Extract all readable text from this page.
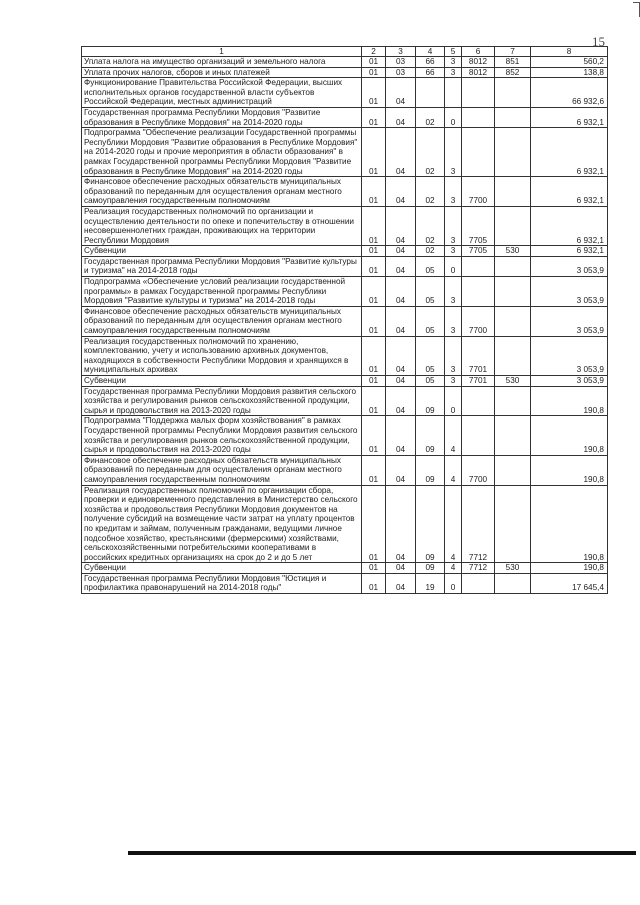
15
1	2	3	4	5	6	7	8
Уплата налога на имущество организаций и земельного налога	01	03	66	3	8012	851	560,2
Уплата прочих налогов, сборов и иных платежей	01	03	66	3	8012	852	138,8
Функционирование Правительства Российской Федерации, высших исполнительных органов государственной власти субъектов Российской Федерации, местных администраций	01	04					66 932,6
Государственная программа Республики Мордовия "Развитие образования в Республике Мордовия" на 2014-2020 годы	01	04	02	0			6 932,1
Подпрограмма "Обеспечение реализации Государственной программы Республики Мордовия "Развитие образования в Республике Мордовия" на 2014-2020 годы и прочие мероприятия в области образования" в рамках Государственной программы Республики Мордовия "Развитие образования в Республике Мордовия" на 2014-2020 годы	01	04	02	3			6 932,1
Финансовое обеспечение расходных обязательств муниципальных образований по переданным для осуществления органам местного самоуправления государственным полномочиям	01	04	02	3	7700		6 932,1
Реализация государственных полномочий по организации и осуществлению деятельности по опеке и попечительству в отношении несовершеннолетних граждан, проживающих на территории Республики Мордовия	01	04	02	3	7705		6 932,1
Субвенции	01	04	02	3	7705	530	6 932,1
Государственная программа Республики Мордовия "Развитие культуры и туризма" на 2014-2018 годы	01	04	05	0			3 053,9
Подпрограмма «Обеспечение условий реализации государственной программы» в рамках Государственной программы Республики Мордовия "Развитие культуры и туризма" на 2014-2018 годы	01	04	05	3			3 053,9
Финансовое обеспечение расходных обязательств муниципальных образований по переданным для осуществления органам местного самоуправления государственным полномочиям	01	04	05	3	7700		3 053,9
Реализация государственных полномочий по хранению, комплектованию, учету и использованию архивных документов, находящихся в собственности Республики Мордовия и хранящихся в муниципальных архивах	01	04	05	3	7701		3 053,9
Субвенции	01	04	05	3	7701	530	3 053,9
Государственная программа Республики Мордовия развития сельского хозяйства и регулирования рынков сельскохозяйственной продукции, сырья и продовольствия на 2013-2020 годы	01	04	09	0			190,8
Подпрограмма "Поддержка малых форм хозяйствования" в рамках Государственной программы Республики Мордовия развития сельского хозяйства и регулирования рынков сельскохозяйственной продукции, сырья и продовольствия на 2013-2020 годы	01	04	09	4			190,8
Финансовое обеспечение расходных обязательств муниципальных образований по переданным для осуществления органам местного самоуправления государственным полномочиям	01	04	09	4	7700		190,8
Реализация государственных полномочий по организации сбора, проверки и единовременного представления в Министерство сельского хозяйства и продовольствия Республики Мордовия документов на получение субсидий на возмещение части затрат на уплату процентов по кредитам и займам, полученным гражданами, ведущими личное подсобное хозяйство, крестьянскими (фермерскими) хозяйствами, сельскохозяйственными потребительскими кооперативами в российских кредитных организациях на срок до 2 и до 5 лет	01	04	09	4	7712		190,8
Субвенции	01	04	09	4	7712	530	190,8
Государственная программа Республики Мордовия "Юстиция и профилактика правонарушений на 2014-2018 годы"	01	04	19	0			17 645,4
